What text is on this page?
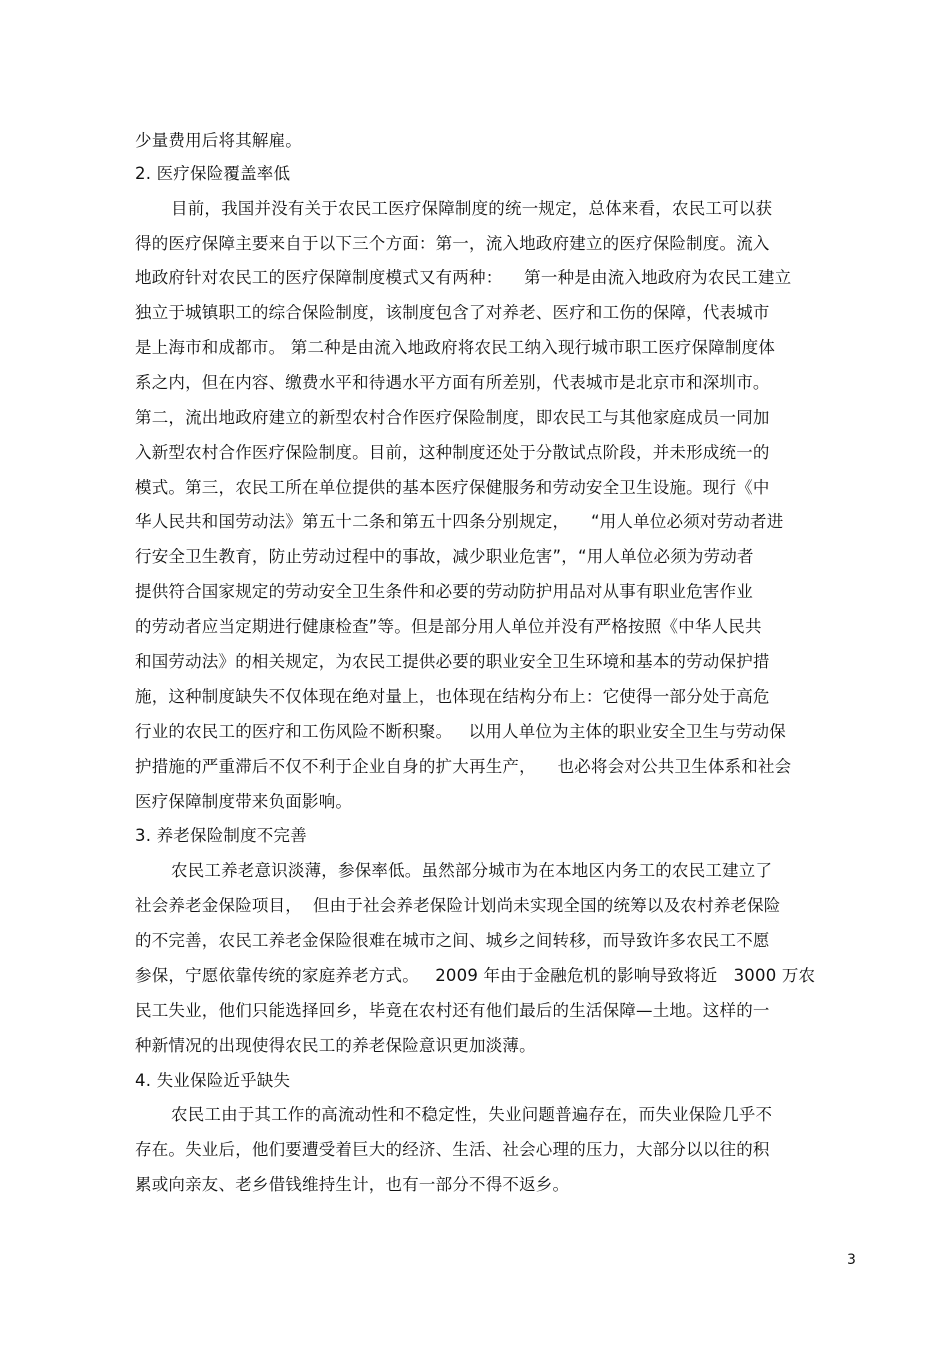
少量费用后将其解雇。
2. 医疗保险覆盖率低
目前，我国并没有关于农民工医疗保障制度的统一规定，总体来看，农民工可以获
得的医疗保障主要来自于以下三个方面：第一，流入地政府建立的医疗保险制度。流入
地政府针对农民工的医疗保障制度模式又有两种：    第一种是由流入地政府为农民工建立
独立于城镇职工的综合保险制度，该制度包含了对养老、医疗和工伤的保障，代表城市
是上海市和成都市。 第二种是由流入地政府将农民工纳入现行城市职工医疗保障制度体
系之内，但在内容、缴费水平和待遇水平方面有所差别，代表城市是北京市和深圳市。
第二，流出地政府建立的新型农村合作医疗保险制度，即农民工与其他家庭成员一同加
入新型农村合作医疗保险制度。目前，这种制度还处于分散试点阶段，并未形成统一的
模式。第三，农民工所在单位提供的基本医疗保健服务和劳动安全卫生设施。现行《中
华人民共和国劳动法》第五十二条和第五十四条分别规定，    “用人单位必须对劳动者进
行安全卫生教育，防止劳动过程中的事故，减少职业危害”，“用人单位必须为劳动者
提供符合国家规定的劳动安全卫生条件和必要的劳动防护用品对从事有职业危害作业
的劳动者应当定期进行健康检查”等。但是部分用人单位并没有严格按照《中华人民共
和国劳动法》的相关规定，为农民工提供必要的职业安全卫生环境和基本的劳动保护措
施，这种制度缺失不仅体现在绝对量上，也体现在结构分布上：它使得一部分处于高危
行业的农民工的医疗和工伤风险不断积聚。   以用人单位为主体的职业安全卫生与劳动保
护措施的严重滞后不仅不利于企业自身的扩大再生产，    也必将会对公共卫生体系和社会
医疗保障制度带来负面影响。
3. 养老保险制度不完善
农民工养老意识淡薄，参保率低。虽然部分城市为在本地区内务工的农民工建立了
社会养老金保险项目，  但由于社会养老保险计划尚未实现全国的统筹以及农村养老保险
的不完善，农民工养老金保险很难在城市之间、城乡之间转移，而导致许多农民工不愿
参保，宁愿依靠传统的家庭养老方式。   2009 年由于金融危机的影响导致将近   3000 万农
民工失业，他们只能选择回乡，毕竟在农村还有他们最后的生活保障—土地。这样的一
种新情况的出现使得农民工的养老保险意识更加淡薄。
4. 失业保险近乎缺失
农民工由于其工作的高流动性和不稳定性，失业问题普遍存在，而失业保险几乎不
存在。失业后，他们要遭受着巨大的经济、生活、社会心理的压力，大部分以以往的积
累或向亲友、老乡借钱维持生计，也有一部分不得不返乡。
3
